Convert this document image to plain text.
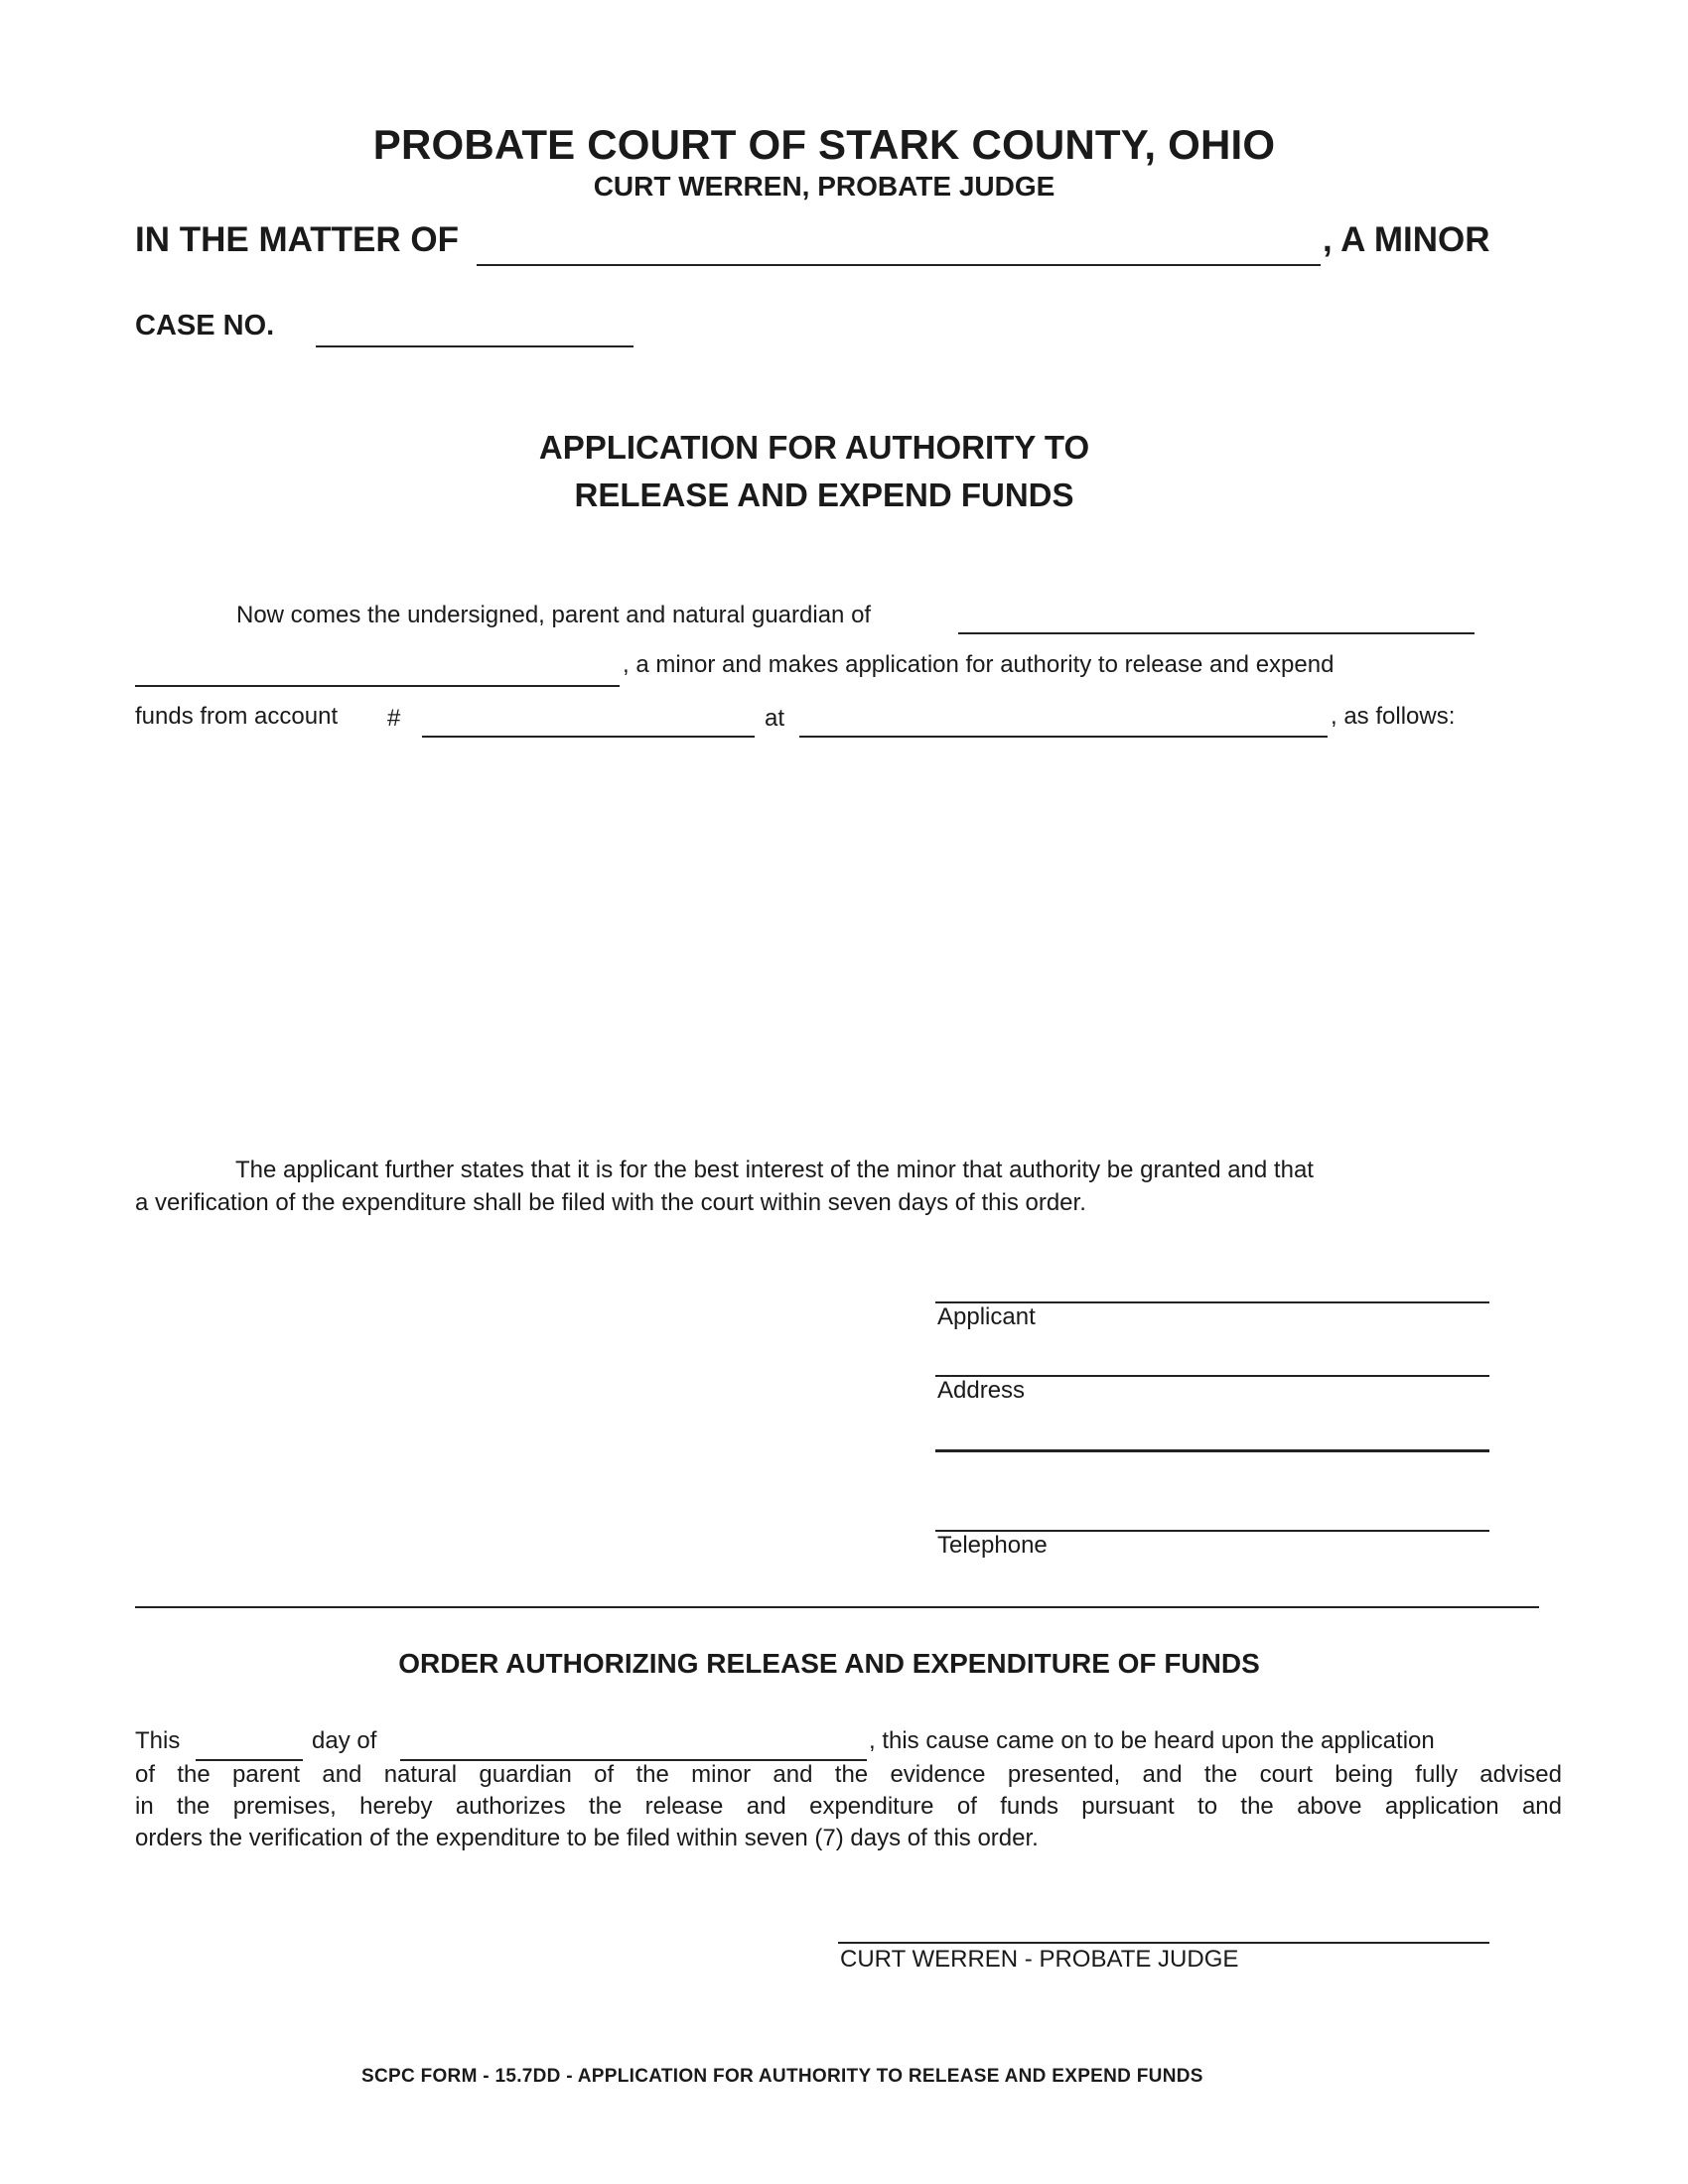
PROBATE COURT OF STARK COUNTY, OHIO
CURT WERREN, PROBATE JUDGE
IN THE MATTER OF	, A MINOR
CASE NO.
APPLICATION FOR AUTHORITY TO
RELEASE AND EXPEND FUNDS
Now comes the undersigned, parent and natural guardian of
, a minor and makes application for authority to release and expend
funds from account #	at	, as follows:
The applicant further states that it is for the best interest of the minor that authority be granted and that
a verification of the expenditure shall be filed with the court within seven days of this order.
Applicant
Address
Telephone
ORDER AUTHORIZING RELEASE AND EXPENDITURE OF FUNDS
This	day of	, this cause came on to be heard upon the application
of the parent and natural guardian of the minor and the evidence presented, and the court being fully advised
in the premises, hereby authorizes the release and expenditure of funds pursuant to the above application and
orders the verification of the expenditure to be filed within seven (7) days of this order.
CURT WERREN - PROBATE JUDGE
SCPC FORM - 15.7DD - APPLICATION FOR AUTHORITY TO RELEASE AND EXPEND FUNDS
